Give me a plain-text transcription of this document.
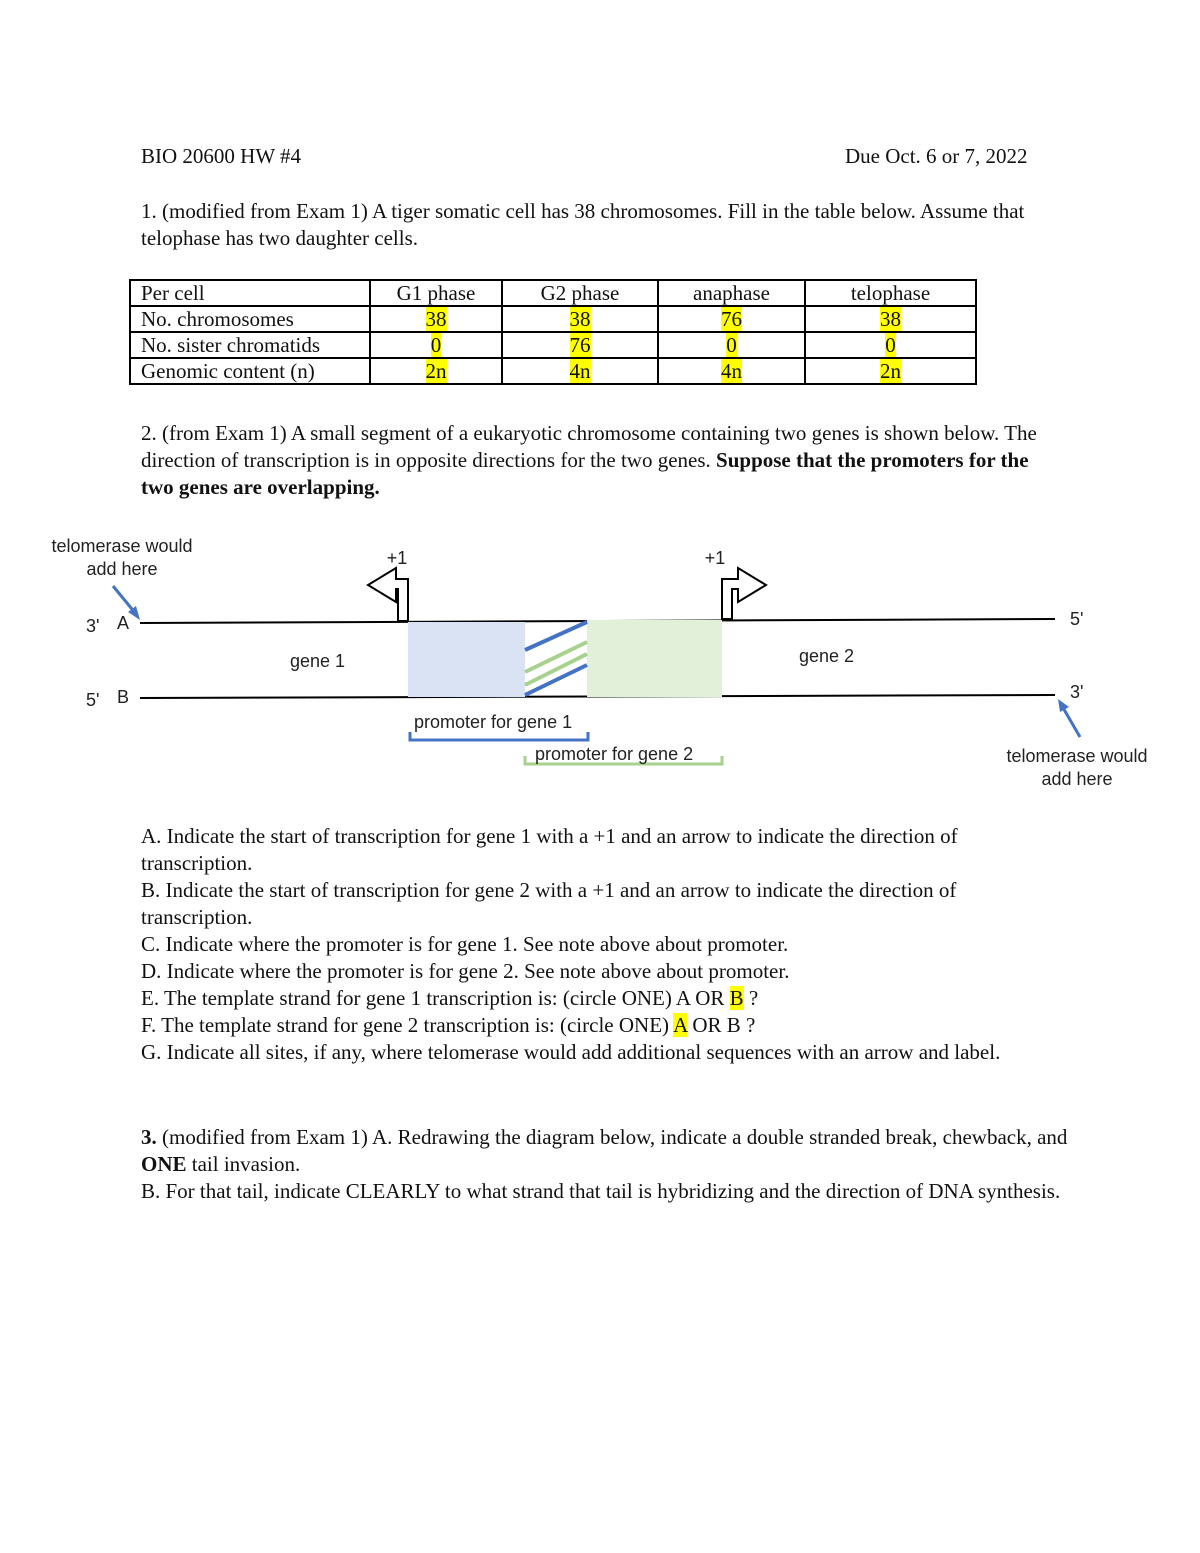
BIO 20600 HW #4	Due Oct. 6 or 7, 2022
1. (modified from Exam 1) A tiger somatic cell has 38 chromosomes. Fill in the table below. Assume that telophase has two daughter cells.
Per cell	G1 phase	G2 phase	anaphase	telophase
No. chromosomes	38	38	76	38
No. sister chromatids	0	76	0	0
Genomic content (n)	2n	4n	4n	2n
2. (from Exam 1) A small segment of a eukaryotic chromosome containing two genes is shown below. The direction of transcription is in opposite directions for the two genes. Suppose that the promoters for the two genes are overlapping.
telomerase would
add here
+1	+1
3' A	5'
5' B	3'
gene 1	gene 2
promoter for gene 1
promoter for gene 2	telomerase would
add here

A. Indicate the start of transcription for gene 1 with a +1 and an arrow to indicate the direction of transcription.

B. Indicate the start of transcription for gene 2 with a +1 and an arrow to indicate the direction of transcription.

C. Indicate where the promoter is for gene 1. See note above about promoter.

D. Indicate where the promoter is for gene 2. See note above about promoter.

E. The template strand for gene 1 transcription is: (circle ONE) A OR B ?

F. The template strand for gene 2 transcription is: (circle ONE) A OR B ?

G. Indicate all sites, if any, where telomerase would add additional sequences with an arrow and label.

3. (modified from Exam 1) A. Redrawing the diagram below, indicate a double stranded break, chewback, and ONE tail invasion.

B. For that tail, indicate CLEARLY to what strand that tail is hybridizing and the direction of DNA synthesis.
